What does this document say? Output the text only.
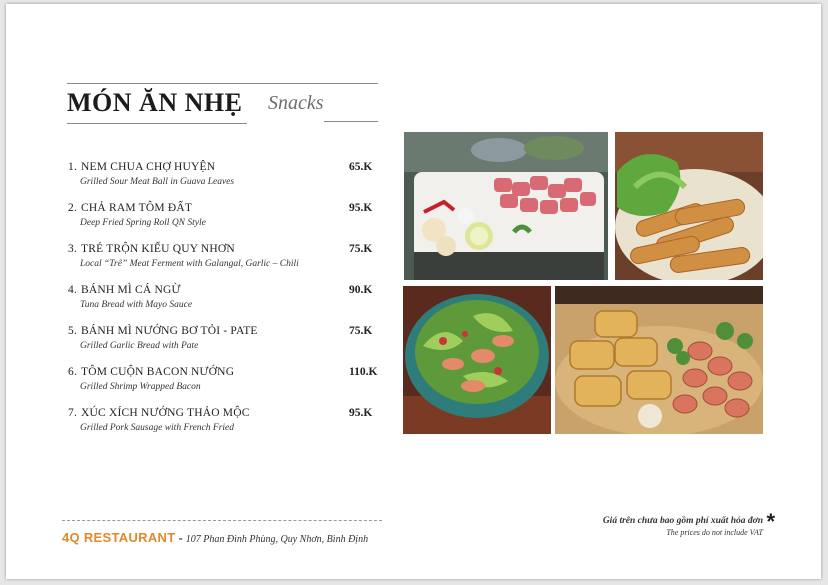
MÓN ĂN NHẸ Snacks
1. NEM CHUA CHỢ HUYỆN
Grilled Sour Meat Ball in Guava Leaves
65.K
2. CHẢ RAM TÔM ĐẤT
Deep Fried Spring Roll QN Style
95.K
3. TRÉ TRỘN KIỂU QUY NHƠN
Local “Trê” Meat Ferment with Galangal, Garlic – Chili
75.K
4. BÁNH MÌ CÁ NGỪ
Tuna Bread with Mayo Sauce
90.K
5. BÁNH MÌ NƯỚNG BƠ TỎI - PATE
Grilled Garlic Bread with Pate
75.K
6. TÔM CUỘN BACON NƯỚNG
Grilled Shrimp Wrapped Bacon
110.K
7. XÚC XÍCH NƯỚNG THẢO MỘC
Grilled Pork Sausage with French Fried
95.K
4Q RESTAURANT - 107 Phan Đình Phùng, Quy Nhơn, Bình Định
Giá trên chưa bao gồm phí xuất hóa đơn
The prices do not include VAT *
